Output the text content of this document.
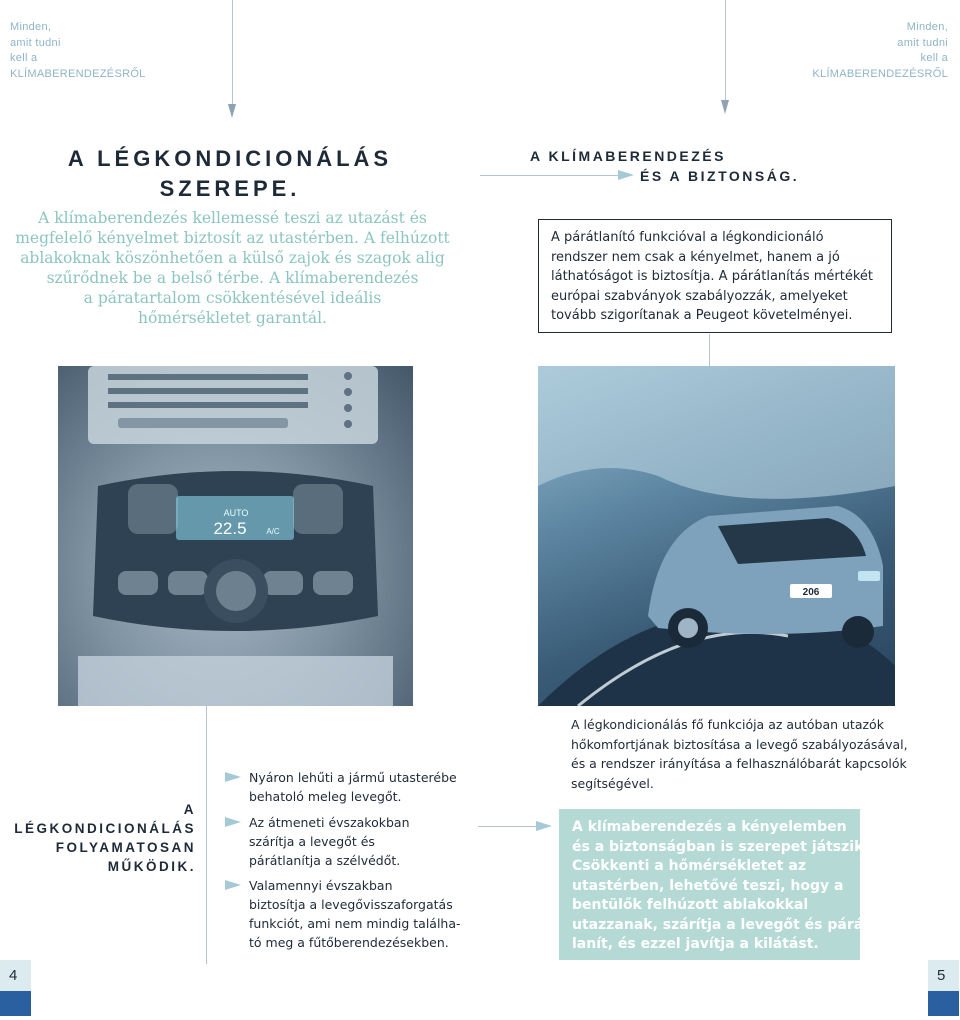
Minden,
amit tudni
kell a
KLÍMABERENDEZÉSRŐL
Minden,
amit tudni
kell a
KLÍMABERENDEZÉSRŐL
A LÉGKONDICIONÁLÁS
SZEREPE.
A klímaberendezés kellemessé teszi az utazást és
megfelelő kényelmet biztosít az utastérben. A felhúzott
ablakoknak köszönhetően a külső zajok és szagok alig
szűrődnek be a belső térbe. A klímaberendezés
a páratartalom csökkentésével ideális
hőmérsékletet garantál.
A KLÍMABERENDEZÉS
ÉS A BIZTONSÁG.
A párátlanító funkcióval a légkondicionáló
rendszer nem csak a kényelmet, hanem a jó
láthatóságot is biztosítja. A párátlanítás mértékét
európai szabványok szabályozzák, amelyeket
tovább szigorítanak a Peugeot követelményei.
AUTO
22.5 A/C
206
A
LÉGKONDICIONÁLÁS
FOLYAMATOSAN
MŰKÖDIK.
Nyáron lehűti a jármű utasterébe
behatoló meleg levegőt.
Az átmeneti évszakokban
szárítja a levegőt és
párátlanítja a szélvédőt.
Valamennyi évszakban
biztosítja a levegővisszaforgatás
funkciót, ami nem mindig találha-
tó meg a fűtőberendezésekben.
A légkondicionálás fő funkciója az autóban utazók
hőkomfortjának biztosítása a levegő szabályozásával,
és a rendszer irányítása a felhasználóbarát kapcsolók
segítségével.
A klímaberendezés a kényelemben
és a biztonságban is szerepet játszik.
Csökkenti a hőmérsékletet az
utastérben, lehetővé teszi, hogy a
bentülők felhúzott ablakokkal
utazzanak, szárítja a levegőt és párát-
lanít, és ezzel javítja a kilátást.
4	5
